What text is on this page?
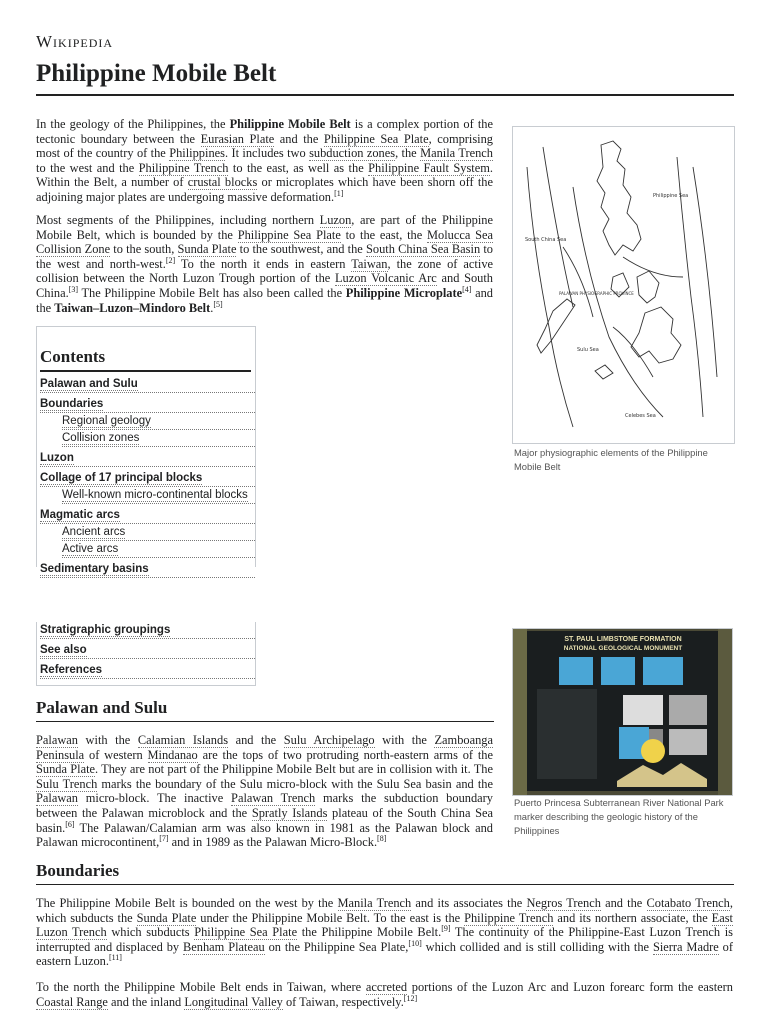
Wikipedia
Philippine Mobile Belt
In the geology of the Philippines, the Philippine Mobile Belt is a complex portion of the tectonic boundary between the Eurasian Plate and the Philippine Sea Plate, comprising most of the country of the Philippines. It includes two subduction zones, the Manila Trench to the west and the Philippine Trench to the east, as well as the Philippine Fault System. Within the Belt, a number of crustal blocks or microplates which have been shorn off the adjoining major plates are undergoing massive deformation.[1]
Most segments of the Philippines, including northern Luzon, are part of the Philippine Mobile Belt, which is bounded by the Philippine Sea Plate to the east, the Molucca Sea Collision Zone to the south, Sunda Plate to the southwest, and the South China Sea Basin to the west and north-west.[2] To the north it ends in eastern Taiwan, the zone of active collision between the North Luzon Trough portion of the Luzon Volcanic Arc and South China.[3] The Philippine Mobile Belt has also been called the Philippine Microplate[4] and the Taiwan–Luzon–Mindoro Belt.[5]
Contents
Palawan and Sulu
Boundaries
Regional geology
Collision zones
Luzon
Collage of 17 principal blocks
Well-known micro-continental blocks
Magmatic arcs
Ancient arcs
Active arcs
Sedimentary basins
Stratigraphic groupings
See also
References
Philippine Sea
South China Sea
Sulu Sea
Celebes Sea
PALAWAN PHYSIOGRAPHIC PROVINCE
Major physiographic elements of the Philippine Mobile Belt
ST. PAUL LIMBSTONE FORMATION
NATIONAL GEOLOGICAL MONUMENT
Puerto Princesa Subterranean River National Park marker describing the geologic history of the Philippines
Palawan and Sulu
Palawan with the Calamian Islands and the Sulu Archipelago with the Zamboanga Peninsula of western Mindanao are the tops of two protruding north-eastern arms of the Sunda Plate. They are not part of the Philippine Mobile Belt but are in collision with it. The Sulu Trench marks the boundary of the Sulu micro-block with the Sulu Sea basin and the Palawan micro-block. The inactive Palawan Trench marks the subduction boundary between the Palawan microblock and the Spratly Islands plateau of the South China Sea basin.[6] The Palawan/Calamian arm was also known in 1981 as the Palawan block and Palawan microcontinent,[7] and in 1989 as the Palawan Micro-Block.[8]
Boundaries
The Philippine Mobile Belt is bounded on the west by the Manila Trench and its associates the Negros Trench and the Cotabato Trench, which subducts the Sunda Plate under the Philippine Mobile Belt. To the east is the Philippine Trench and its northern associate, the East Luzon Trench which subducts Philippine Sea Plate the Philippine Mobile Belt.[9] The continuity of the Philippine-East Luzon Trench is interrupted and displaced by Benham Plateau on the Philippine Sea Plate,[10] which collided and is still colliding with the Sierra Madre of eastern Luzon.[11]
To the north the Philippine Mobile Belt ends in Taiwan, where accreted portions of the Luzon Arc and Luzon forearc form the eastern Coastal Range and the inland Longitudinal Valley of Taiwan, respectively.[12]
